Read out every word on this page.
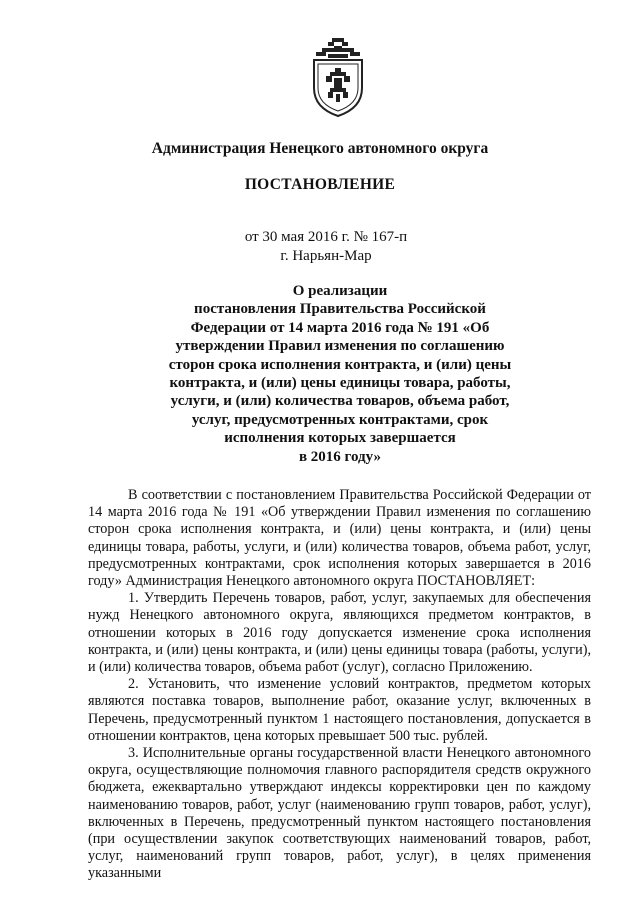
Администрация Ненецкого автономного округа
ПОСТАНОВЛЕНИЕ
от 30 мая 2016 г. № 167-п
г. Нарьян-Мар
О реализации
постановления Правительства Российской
Федерации от 14 марта 2016 года № 191 «Об
утверждении Правил изменения по соглашению
сторон срока исполнения контракта, и (или) цены
контракта, и (или) цены единицы товара, работы,
услуги, и (или) количества товаров, объема работ,
услуг, предусмотренных контрактами, срок
исполнения которых завершается
в 2016 году»

В соответствии с постановлением Правительства Российской Федерации от 14 марта 2016 года № 191 «Об утверждении Правил изменения по соглашению сторон срока исполнения контракта, и (или) цены контракта, и (или) цены единицы товара, работы, услуги, и (или) количества товаров, объема работ, услуг, предусмотренных контрактами, срок исполнения которых завершается в 2016 году» Администрация Ненецкого автономного округа ПОСТАНОВЛЯЕТ:

1. Утвердить Перечень товаров, работ, услуг, закупаемых для обеспечения нужд Ненецкого автономного округа, являющихся предметом контрактов, в отношении которых в 2016 году допускается изменение срока исполнения контракта, и (или) цены контракта, и (или) цены единицы товара (работы, услуги), и (или) количества товаров, объема работ (услуг), согласно Приложению.

2. Установить, что изменение условий контрактов, предметом которых являются поставка товаров, выполнение работ, оказание услуг, включенных в Перечень, предусмотренный пунктом 1 настоящего постановления, допускается в отношении контрактов, цена которых превышает 500 тыс. рублей.

3. Исполнительные органы государственной власти Ненецкого автономного округа, осуществляющие полномочия главного распорядителя средств окружного бюджета, ежеквартально утверждают индексы корректировки цен по каждому наименованию товаров, работ, услуг (наименованию групп товаров, работ, услуг), включенных в Перечень, предусмотренный пунктом настоящего постановления (при осуществлении закупок соответствующих наименований товаров, работ, услуг, наименований групп товаров, работ, услуг), в целях применения указанными
